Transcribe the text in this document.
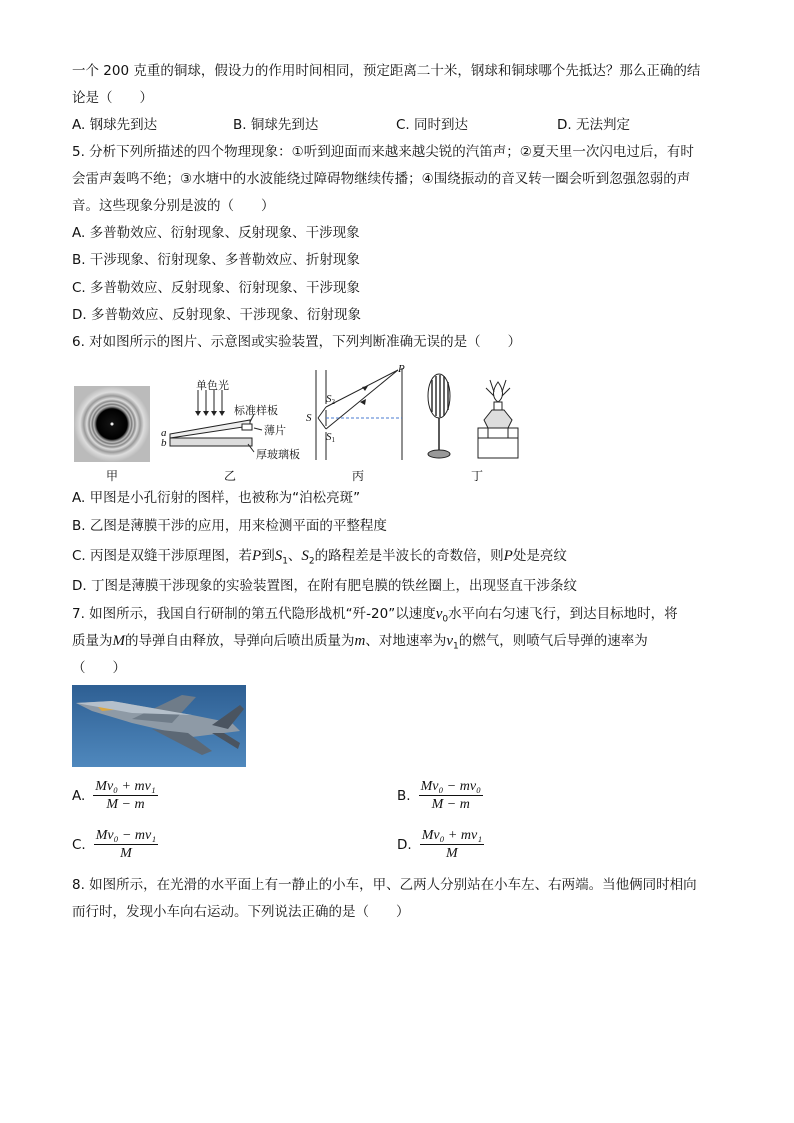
一个 200 克重的铜球，假设力的作用时间相同，预定距离二十米，钢球和铜球哪个先抵达？那么正确的结
论是（　　）
A. 钢球先到达	B. 铜球先到达	C. 同时到达	D. 无法判定
5. 分析下列所描述的四个物理现象：①听到迎面而来越来越尖锐的汽笛声；②夏天里一次闪电过后，有时
会雷声轰鸣不绝；③水塘中的水波能绕过障碍物继续传播；④围绕振动的音叉转一圈会听到忽强忽弱的声
音。这些现象分别是波的（　　）
A. 多普勒效应、衍射现象、反射现象、干涉现象
B. 干涉现象、衍射现象、多普勒效应、折射现象
C. 多普勒效应、反射现象、衍射现象、干涉现象
D. 多普勒效应、反射现象、干涉现象、衍射现象
6. 对如图所示的图片、示意图或实验装置，下列判断准确无误的是（　　）
甲
单色光
标准样板
薄片
厚玻璃板
a
b
乙
P
S
S2
S1
丙	丁
A. 甲图是小孔衍射的图样，也被称为“泊松亮斑”
B. 乙图是薄膜干涉的应用，用来检测平面的平整程度
C. 丙图是双缝干涉原理图，若P到$S_1$、$S_2$的路程差是半波长的奇数倍，则P处是亮纹
D. 丁图是薄膜干涉现象的实验装置图，在附有肥皂膜的铁丝圈上，出现竖直干涉条纹
7. 如图所示，我国自行研制的第五代隐形战机“歼-20”以速度$v_0$水平向右匀速飞行，到达目标地时，将
质量为M的导弹自由释放，导弹向后喷出质量为m、对地速率为$v_1$的燃气，则喷气后导弹的速率为
（　　）
A. $\frac{\text{Mv₀ + mv₁}}{M - m}$	B. $\frac{\text{Mv₀ − mv₀}}{M - m}$
C. $\frac{\text{Mv₀ − mv₁}}{M}$	D. $\frac{\text{Mv₀ + mv₁}}{M}$
8. 如图所示，在光滑的水平面上有一静止的小车，甲、乙两人分别站在小车左、右两端。当他俩同时相向
而行时，发现小车向右运动。下列说法正确的是（　　）
